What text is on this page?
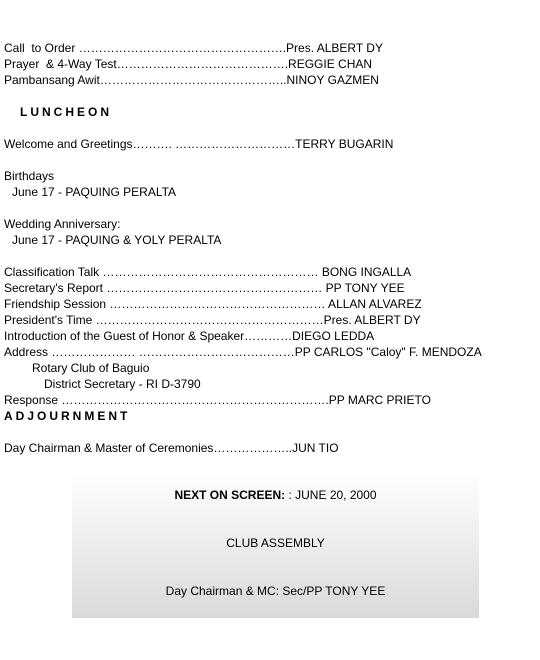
Call  to Order …………………………………………….Pres. ALBERT DY
Prayer  & 4-Way Test…………………………………….REGGIE CHAN
Pambansang Awit………………………………………..NINOY GAZMEN
LUNCHEON
Welcome and Greetings………. …………………………TERRY BUGARIN
Birthdays
June 17 - PAQUING PERALTA
Wedding Anniversary:
June 17 - PAQUING & YOLY PERALTA
Classification Talk ……………………………………………… BONG INGALLA
Secretary's Report ……………………………………………… PP TONY YEE
Friendship Session ……………………………………………… ALLAN ALVAREZ
President's Time …………………………………………………Pres. ALBERT DY
Introduction of the Guest of Honor & Speaker…………DIEGO LEDDA
Address ………………… …………………………………PP CARLOS "Caloy" F. MENDOZA
Rotary Club of Baguio
District Secretary - RI D-3790
Response ………………………………………………………….PP MARC PRIETO
ADJOURNMENT
Day Chairman & Master of Ceremonies………………..JUN TIO
NEXT ON SCREEN: : JUNE 20, 2000
CLUB ASSEMBLY
Day Chairman & MC: Sec/PP TONY YEE
